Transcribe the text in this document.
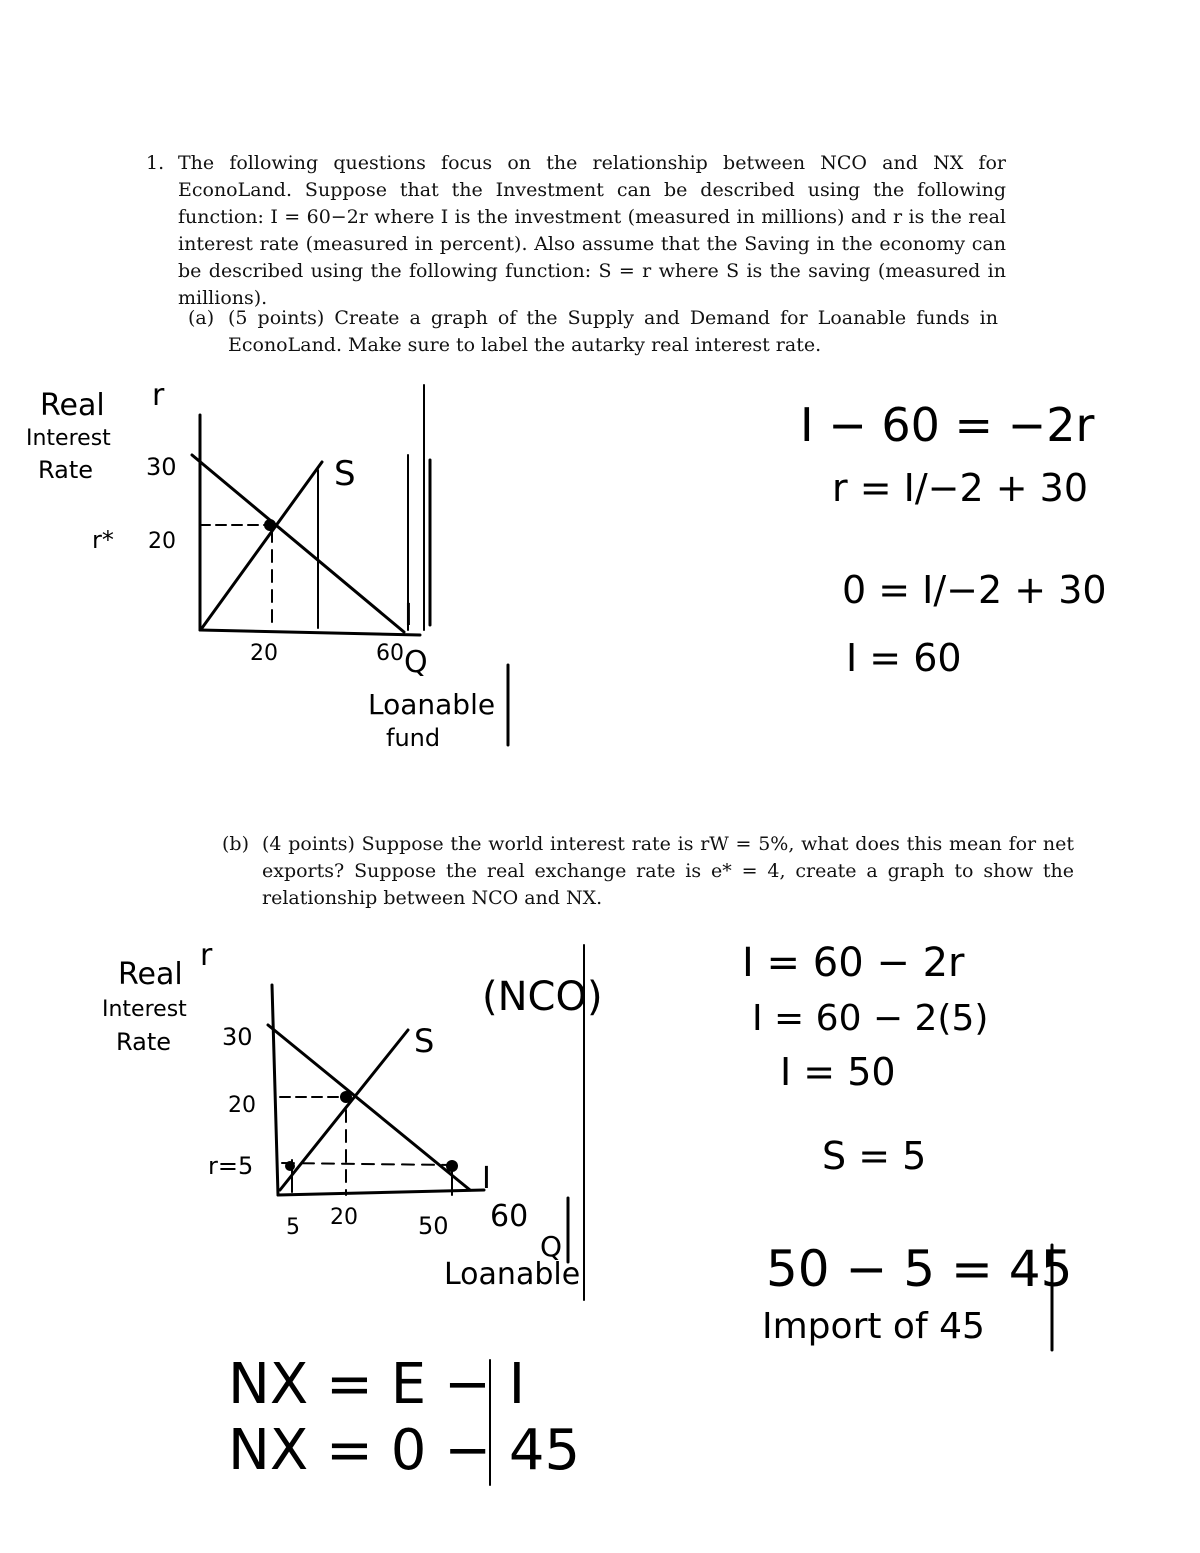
1. The following questions focus on the relationship between NCO and NX for EconoLand. Suppose that the Investment can be described using the following function: I = 60−2r where I is the investment (measured in millions) and r is the real interest rate (measured in percent). Also assume that the Saving in the economy can be described using the following function: S = r where S is the saving (measured in millions).
(a) (5 points) Create a graph of the Supply and Demand for Loanable funds in EconoLand. Make sure to label the autarky real interest rate.
(b) (4 points) Suppose the world interest rate is rW = 5%, what does this mean for net exports? Suppose the real exchange rate is e* = 4, create a graph to show the relationship between NCO and NX.
Real r
Interest
Rate 30
r* 20
20	60
S
I
Q
Loanable
fund
I − 60 = −2r
r = I/−2 + 30
0 = I/−2 + 30
I = 60
Real
r
Interest
Rate 30
20
r=5
5 20	50 60
S
I
Q
Loanable
(NCO)
I = 60 − 2r
I = 60 − 2(5)
I = 50
S = 5
50 − 5 = 45
Import of 45
NX = E − I
NX = 0 − 45
